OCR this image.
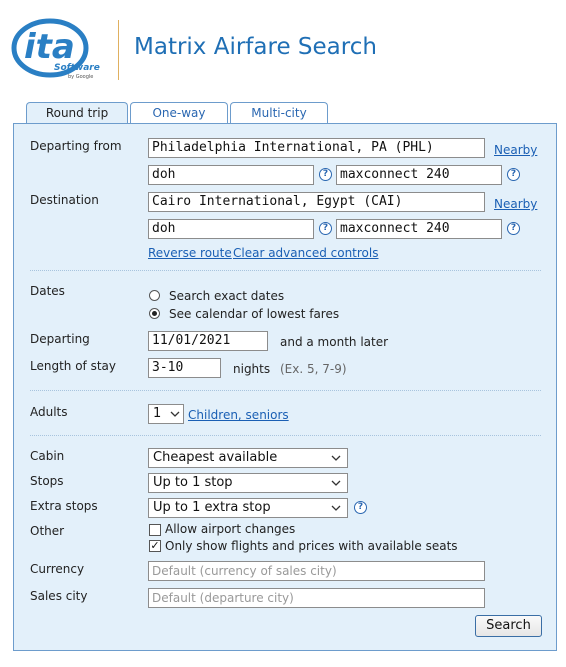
ita
Software
by Google
Matrix Airfare Search
Round trip	One-way	Multi-city
Departing from	Philadelphia International, PA (PHL)	Nearby
doh	? maxconnect 240	?
Destination	Cairo International, Egypt (CAI)	Nearby
doh	? maxconnect 240	?
Reverse route Clear advanced controls
Dates	Search exact dates
See calendar of lowest fares
Departing	11/01/2021	and a month later
Length of stay	3-10	nights (Ex. 5, 7-9)
Adults	1	Children, seniors
Cabin	Cheapest available
Stops	Up to 1 stop
Extra stops	Up to 1 extra stop	?
Other	Allow airport changes
✓ Only show flights and prices with available seats
Currency	Default (currency of sales city)
Sales city	Default (departure city)
Search
